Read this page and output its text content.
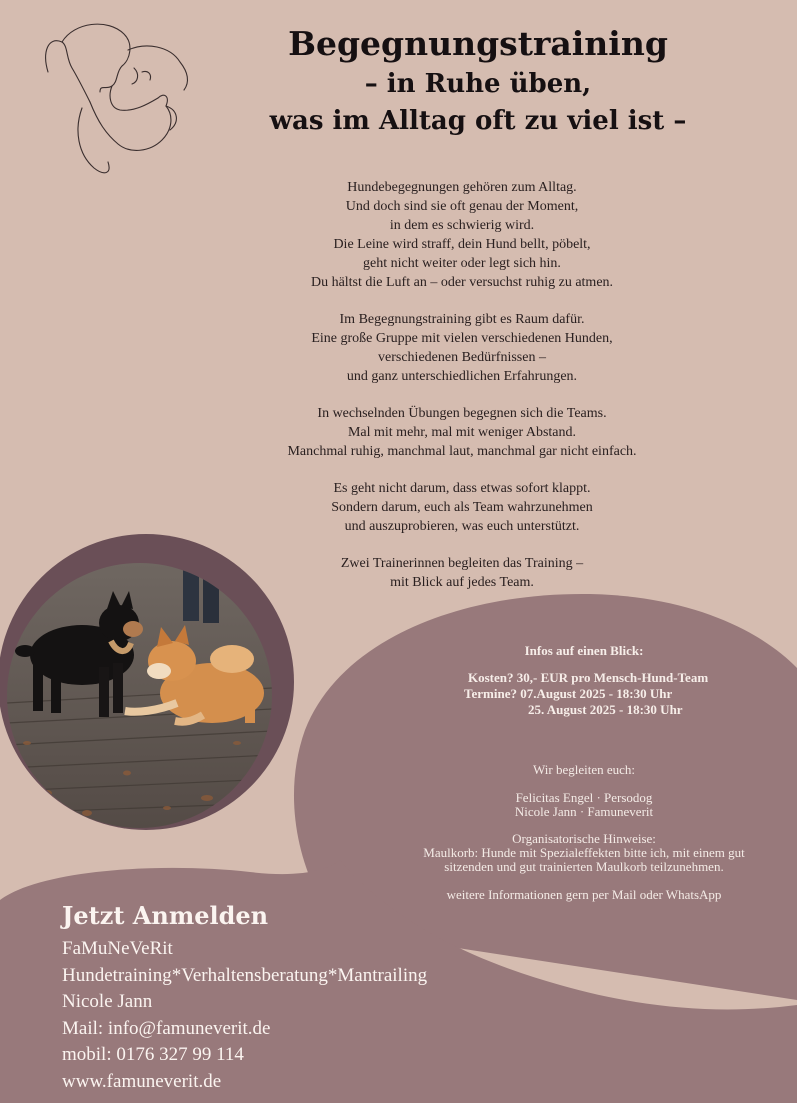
Begegnungstraining
– in Ruhe üben,
was im Alltag oft zu viel ist –
Hundebegegnungen gehören zum Alltag.
Und doch sind sie oft genau der Moment,
in dem es schwierig wird.
Die Leine wird straff, dein Hund bellt, pöbelt,
geht nicht weiter oder legt sich hin.
Du hältst die Luft an – oder versuchst ruhig zu atmen.
Im Begegnungstraining gibt es Raum dafür.
Eine große Gruppe mit vielen verschiedenen Hunden,
verschiedenen Bedürfnissen –
und ganz unterschiedlichen Erfahrungen.
In wechselnden Übungen begegnen sich die Teams.
Mal mit mehr, mal mit weniger Abstand.
Manchmal ruhig, manchmal laut, manchmal gar nicht einfach.
Es geht nicht darum, dass etwas sofort klappt.
Sondern darum, euch als Team wahrzunehmen
und auszuprobieren, was euch unterstützt.
Zwei Trainerinnen begleiten das Training –
mit Blick auf jedes Team.
Infos auf einen Blick:
Kosten? 30,- EUR pro Mensch-Hund-Team
Termine? 07.August 2025 - 18:30 Uhr
25. August 2025 - 18:30 Uhr
Wir begleiten euch:
Felicitas Engel · Persodog
Nicole Jann · Famuneverit
Organisatorische Hinweise:
Maulkorb: Hunde mit Spezialeffekten bitte ich, mit einem gut
sitzenden und gut trainierten Maulkorb teilzunehmen.
weitere Informationen gern per Mail oder WhatsApp
Jetzt Anmelden
FaMuNeVeRit
Hundetraining*Verhaltensberatung*Mantrailing
Nicole Jann
Mail: info@famuneverit.de
mobil: 0176 327 99 114
www.famuneverit.de
